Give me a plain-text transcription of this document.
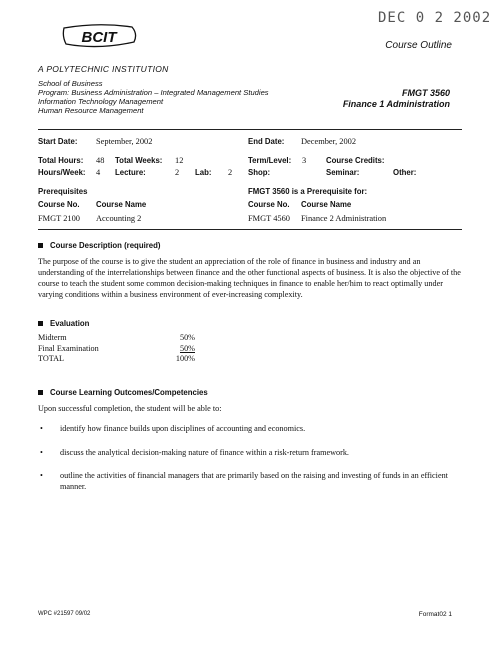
DEC 0 2 2002
BCIT	Course Outline
A POLYTECHNIC INSTITUTION
School of Business
Program: Business Administration – Integrated Management Studies
Information Technology Management
Human Resource Management
FMGT 3560
Finance 1 Administration
Start Date: September, 2002	End Date: December, 2002
Total Hours: 48 Total Weeks: 12	Term/Level: 3	Course Credits:
Hours/Week: 4 Lecture:	2 Lab: 2 Shop:	Seminar:	Other:
Prerequisites
Course No. Course Name
FMGT 2100 Accounting 2
FMGT 3560 is a Prerequisite for:
Course No. Course Name
FMGT 4560 Finance 2 Administration
Course Description (required)
The purpose of the course is to give the student an appreciation of the role of finance in business and industry and an understanding of the interrelationships between finance and the other functional aspects of business. It is also the objective of the course to teach the student some common decision-making techniques in finance to enable her/him to react optimally under varying conditions within a business environment of ever-increasing complexity.
Evaluation
Midterm	50%
Final Examination	50%
TOTAL	100%
Course Learning Outcomes/Competencies
Upon successful completion, the student will be able to:
•	identify how finance builds upon disciplines of accounting and economics.
•	discuss the analytical decision-making nature of finance within a risk-return framework.
•	outline the activities of financial managers that are primarily based on the raising and investing of funds in an efficient manner.
WPC #21597 09/02	Format02 1
